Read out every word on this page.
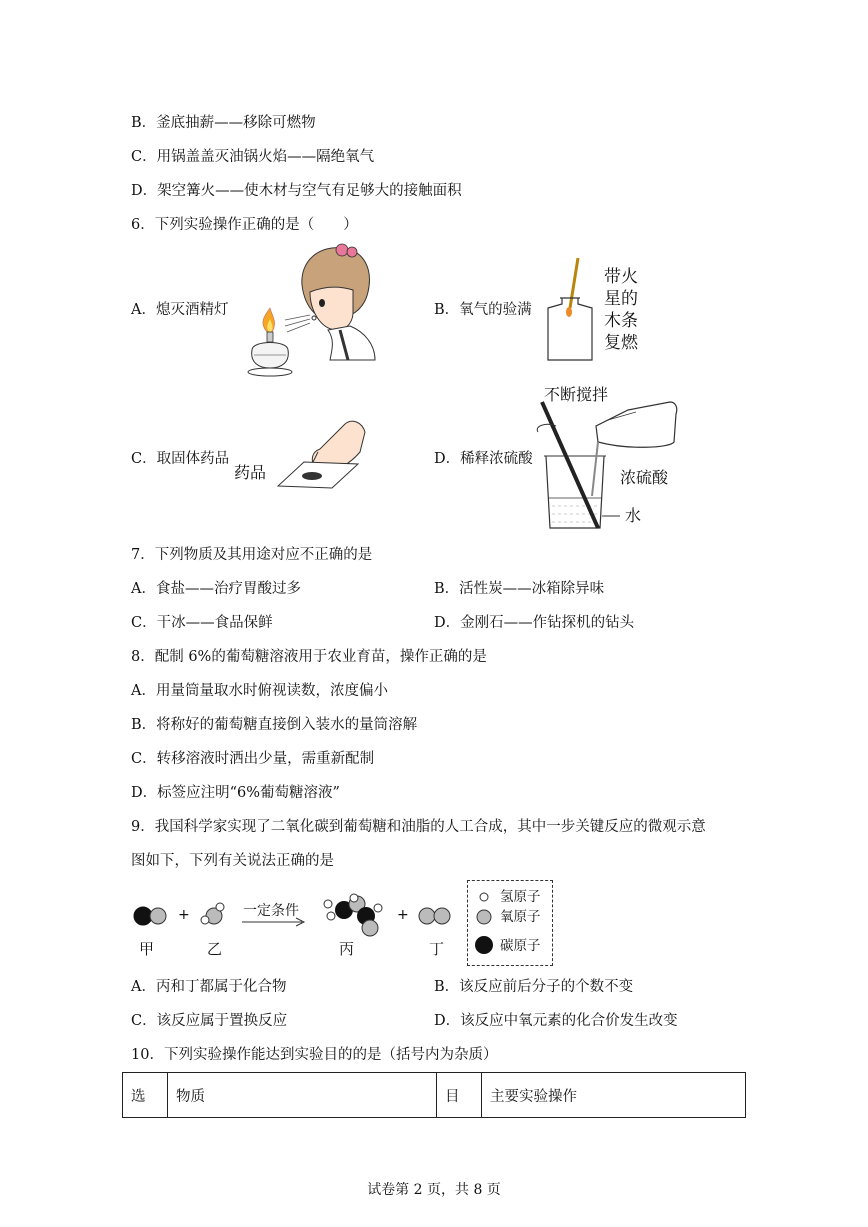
B．釜底抽薪——移除可燃物
C．用锅盖盖灭油锅火焰——隔绝氧气
D．架空篝火——使木材与空气有足够大的接触面积
6．下列实验操作正确的是（　　）
A．熄灭酒精灯	B．氧气的验满
带火
星的
木条
复燃
C．取固体药品
药品
D．稀释浓硫酸
不断搅拌
浓硫酸
水
7．下列物质及其用途对应不正确的是
A．食盐——治疗胃酸过多	B．活性炭——冰箱除异味
C．干冰——食品保鲜	D．金刚石——作钻探机的钻头
8．配制 6%的葡萄糖溶液用于农业育苗，操作正确的是
A．用量筒量取水时俯视读数，浓度偏小
B．将称好的葡萄糖直接倒入装水的量筒溶解
C．转移溶液时洒出少量，需重新配制
D．标签应注明“6%葡萄糖溶液”
9．我国科学家实现了二氧化碳到葡萄糖和油脂的人工合成，其中一步关键反应的微观示意
图如下，下列有关说法正确的是
+	+
一定条件
甲	乙	丙	丁
氢原子
氧原子
碳原子
A．丙和丁都属于化合物	B．该反应前后分子的个数不变
C．该反应属于置换反应	D．该反应中氧元素的化合价发生改变
10．下列实验操作能达到实验目的的是（括号内为杂质）
选	物质	目	主要实验操作
试卷第 2 页，共 8 页
